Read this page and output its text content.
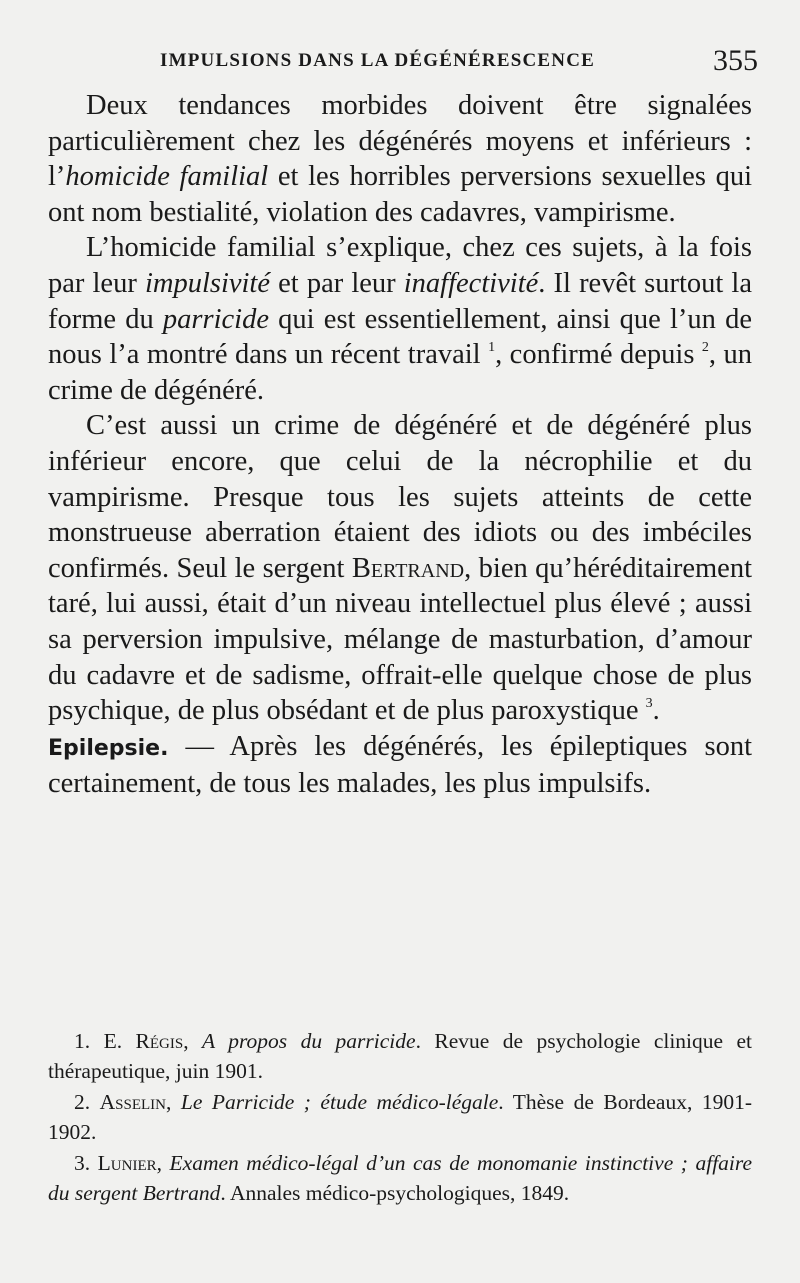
IMPULSIONS DANS LA DÉGÉNÉRESCENCE	355

Deux tendances morbides doivent être signalées particulièrement chez les dégénérés moyens et inférieurs : l’homicide familial et les horribles perversions sexuelles qui ont nom bestialité, violation des cadavres, vampirisme.

L’homicide familial s’explique, chez ces sujets, à la fois par leur impulsivité et par leur inaffectivité. Il revêt surtout la forme du parricide qui est essentiellement, ainsi que l’un de nous l’a montré dans un récent travail $^1$, confirmé depuis $^2$, un crime de dégénéré.

C’est aussi un crime de dégénéré et de dégénéré plus inférieur encore, que celui de la nécrophilie et du vampirisme. Presque tous les sujets atteints de cette monstrueuse aberration étaient des idiots ou des imbéciles confirmés. Seul le sergent Bertrand, bien qu’héréditairement taré, lui aussi, était d’un niveau intellectuel plus élevé ; aussi sa perversion impulsive, mélange de masturbation, d’amour du cadavre et de sadisme, offrait-elle quelque chose de plus psychique, de plus obsédant et de plus paroxystique $^3$.

Epilepsie. — Après les dégénérés, les épileptiques sont certainement, de tous les malades, les plus impulsifs.

1. E. Régis, A propos du parricide. Revue de psychologie clinique et thérapeutique, juin 1901.

2. Asselin, Le Parricide ; étude médico-légale. Thèse de Bordeaux, 1901-1902.

3. Lunier, Examen médico-légal d’un cas de monomanie instinctive ; affaire du sergent Bertrand. Annales médico-psychologiques, 1849.
